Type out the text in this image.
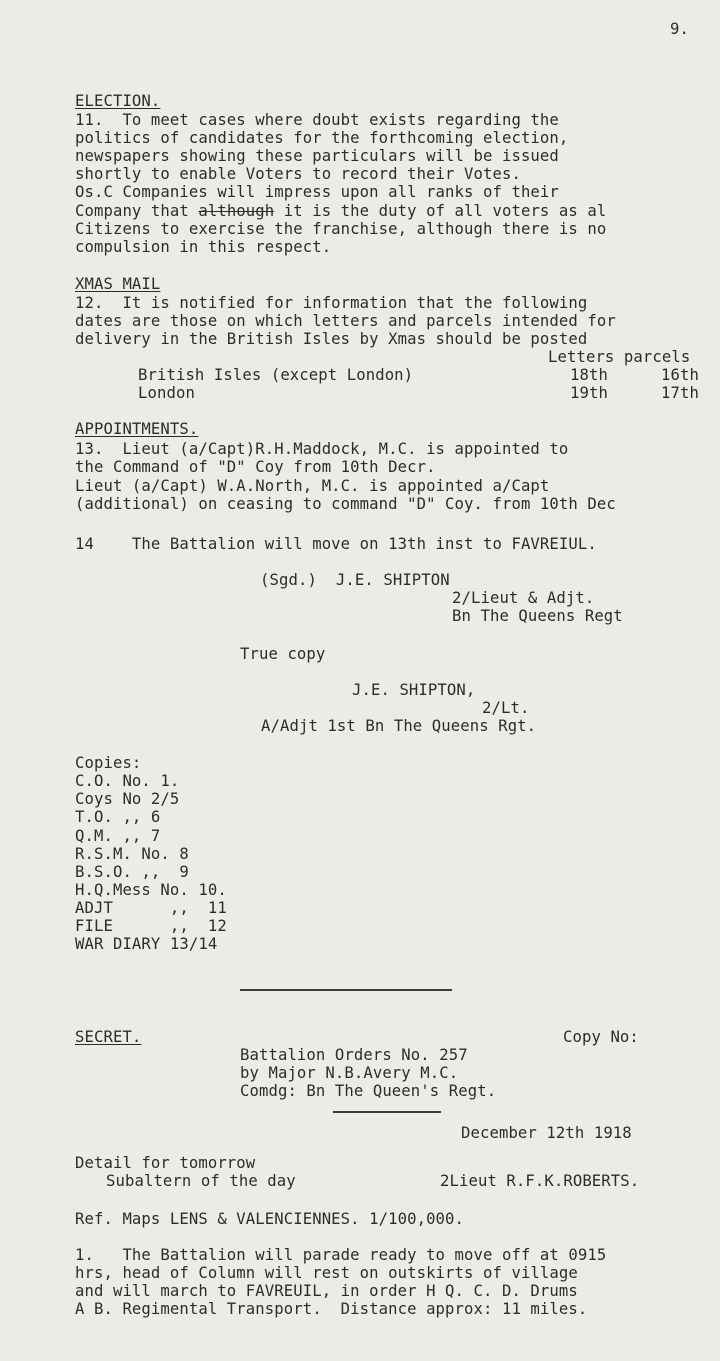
9.
ELECTION.
11.  To meet cases where doubt exists regarding the
politics of candidates for the forthcoming election,
newspapers showing these particulars will be issued
shortly to enable Voters to record their Votes.
Os.C Companies will impress upon all ranks of their
Company that although it is the duty of all voters as al
Citizens to exercise the franchise, although there is no
compulsion in this respect.
XMAS MAIL
12.  It is notified for information that the following
dates are those on which letters and parcels intended for
delivery in the British Isles by Xmas should be posted
Letters parcels
British Isles (except London)	18th	16th
London	19th	17th
APPOINTMENTS.
13.  Lieut (a/Capt)R.H.Maddock, M.C. is appointed to
the Command of "D" Coy from 10th Decr.
Lieut (a/Capt) W.A.North, M.C. is appointed a/Capt
(additional) on ceasing to command "D" Coy. from 10th Dec
14    The Battalion will move on 13th inst to FAVREIUL.
(Sgd.)  J.E. SHIPTON
2/Lieut & Adjt.
Bn The Queens Regt
True copy
J.E. SHIPTON,
2/Lt.
A/Adjt 1st Bn The Queens Rgt.
Copies:
C.O. No. 1.
Coys No 2/5
T.O. ,, 6
Q.M. ,, 7
R.S.M. No. 8
B.S.O. ,,  9
H.Q.Mess No. 10.
ADJT      ,,  11
FILE      ,,  12
WAR DIARY 13/14
SECRET.	Copy No:
Battalion Orders No. 257
by Major N.B.Avery M.C.
Comdg: Bn The Queen's Regt.
December 12th 1918
Detail for tomorrow
Subaltern of the day	2Lieut R.F.K.ROBERTS.
Ref. Maps LENS & VALENCIENNES. 1/100,000.
1.   The Battalion will parade ready to move off at 0915
hrs, head of Column will rest on outskirts of village
and will march to FAVREUIL, in order H Q. C. D. Drums
A B. Regimental Transport.  Distance approx: 11 miles.
